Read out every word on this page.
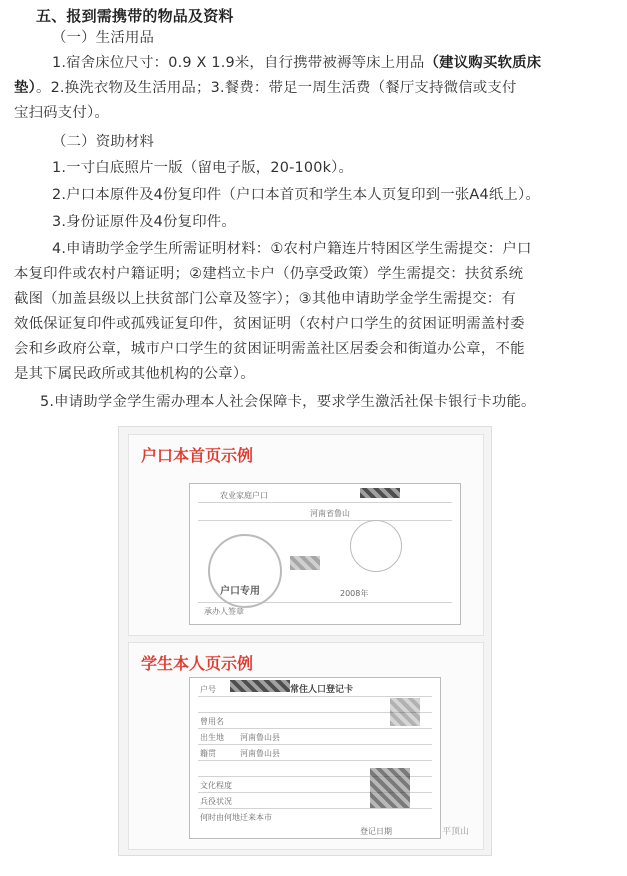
五、报到需携带的物品及资料
（一）生活用品
1.宿舍床位尺寸：0.9 X 1.9米，自行携带被褥等床上用品（建议购买软质床
垫）。2.换洗衣物及生活用品；3.餐费：带足一周生活费（餐厅支持微信或支付
宝扫码支付）。
（二）资助材料
1.一寸白底照片一版（留电子版，20-100k）。
2.户口本原件及4份复印件（户口本首页和学生本人页复印到一张A4纸上）。
3.身份证原件及4份复印件。
4.申请助学金学生所需证明材料：①农村户籍连片特困区学生需提交：户口
本复印件或农村户籍证明；②建档立卡户（仍享受政策）学生需提交：扶贫系统
截图（加盖县级以上扶贫部门公章及签字）；③其他申请助学金学生需提交：有
效低保证复印件或孤残证复印件，贫困证明（农村户口学生的贫困证明需盖村委
会和乡政府公章，城市户口学生的贫困证明需盖社区居委会和街道办公章，不能
是其下属民政所或其他机构的公章）。
5.申请助学金学生需办理本人社会保障卡，要求学生激活社保卡银行卡功能。
户口本首页示例
农业家庭户口
河南省鲁山
承办人签章
2008年
户口专用
学生本人页示例
常住人口登记卡
户号
曾用名
出生地 河南鲁山县
籍贯	河南鲁山县
文化程度
兵役状况
何时由何地迁来本市
登记日期	平顶山
